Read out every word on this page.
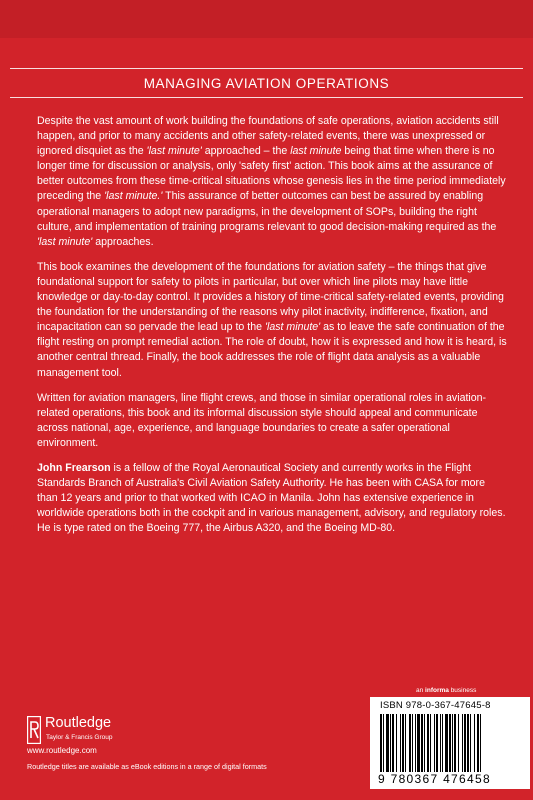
MANAGING AVIATION OPERATIONS

Despite the vast amount of work building the foundations of safe operations, aviation accidents still happen, and prior to many accidents and other safety-related events, there was unexpressed or ignored disquiet as the 'last minute' approached – the last minute being that time when there is no longer time for discussion or analysis, only 'safety first' action. This book aims at the assurance of better outcomes from these time-critical situations whose genesis lies in the time period immediately preceding the 'last minute.' This assurance of better outcomes can best be assured by enabling operational managers to adopt new paradigms, in the development of SOPs, building the right culture, and implementation of training programs relevant to good decision-making required as the 'last minute' approaches.

This book examines the development of the foundations for aviation safety – the things that give foundational support for safety to pilots in particular, but over which line pilots may have little knowledge or day-to-day control. It provides a history of time-critical safety-related events, providing the foundation for the understanding of the reasons why pilot inactivity, indifference, fixation, and incapacitation can so pervade the lead up to the 'last minute' as to leave the safe continuation of the flight resting on prompt remedial action. The role of doubt, how it is expressed and how it is heard, is another central thread. Finally, the book addresses the role of flight data analysis as a valuable management tool.

Written for aviation managers, line flight crews, and those in similar operational roles in aviation-related operations, this book and its informal discussion style should appeal and communicate across national, age, experience, and language boundaries to create a safer operational environment.

John Frearson is a fellow of the Royal Aeronautical Society and currently works in the Flight Standards Branch of Australia's Civil Aviation Safety Authority. He has been with CASA for more than 12 years and prior to that worked with ICAO in Manila. John has extensive experience in worldwide operations both in the cockpit and in various management, advisory, and regulatory roles. He is type rated on the Boeing 777, the Airbus A320, and the Boeing MD-80.

an informa business
ISBN 978-0-367-47645-8
9 780367 476458
Routledge
Taylor & Francis Group
www.routledge.com
Routledge titles are available as eBook editions in a range of digital formats
